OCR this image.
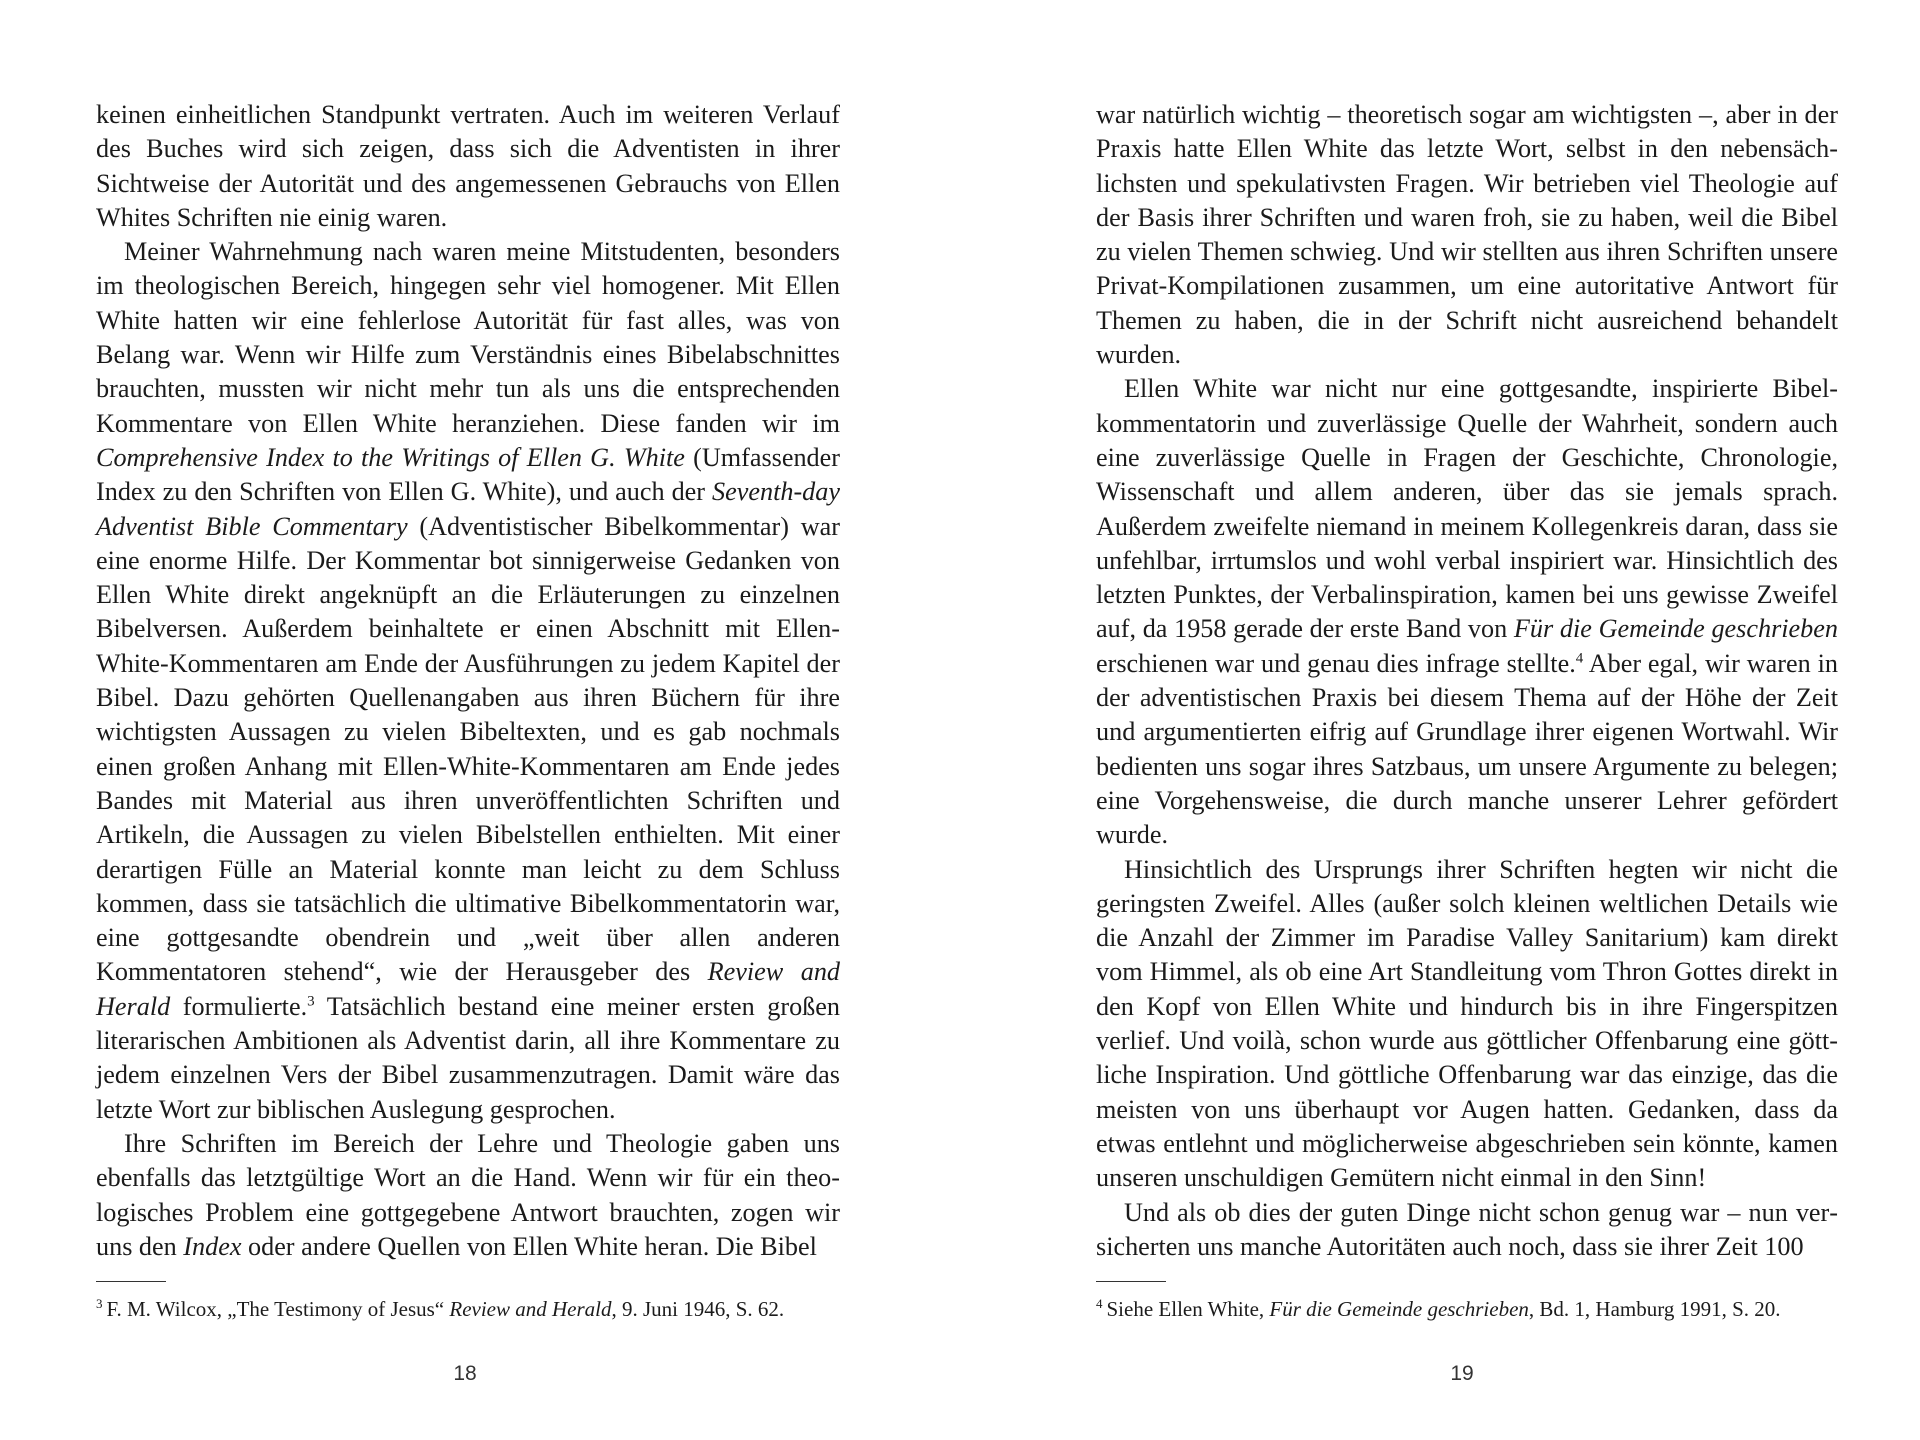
keinen einheitlichen Standpunkt vertraten. Auch im weiteren Verlauf des Buches wird sich zeigen, dass sich die Adventisten in ihrer Sichtweise der Autorität und des angemessenen Gebrauchs von Ellen Whites Schriften nie einig waren.

Meiner Wahrnehmung nach waren meine Mitstudenten, besonders im theologischen Bereich, hingegen sehr viel homogener. Mit Ellen White hatten wir eine fehlerlose Autorität für fast alles, was von Belang war. Wenn wir Hilfe zum Verständnis eines Bibelabschnittes brauchten, mussten wir nicht mehr tun als uns die entsprechenden Kommentare von Ellen White heranziehen. Diese fanden wir im Comprehensive Index to the Writings of Ellen G. White (Umfassender Index zu den Schriften von Ellen G. White), und auch der Seventh-day Adventist Bible Commentary (Adventistischer Bibelkommentar) war eine enorme Hilfe. Der Kommentar bot sinnigerweise Gedanken von Ellen White direkt angeknüpft an die Erläuterungen zu einzelnen Bibelversen. Außerdem beinhaltete er einen Abschnitt mit Ellen-White-Kommentaren am Ende der Ausführungen zu jedem Kapitel der Bibel. Dazu gehörten Quellenangaben aus ihren Büchern für ihre wichtigsten Aussagen zu vielen Bibeltexten, und es gab nochmals einen großen Anhang mit Ellen-White-Kommentaren am Ende jedes Bandes mit Material aus ihren unveröffentlichten Schriften und Artikeln, die Aussagen zu vielen Bibelstellen enthielten. Mit einer derartigen Fülle an Material konnte man leicht zu dem Schluss kommen, dass sie tatsächlich die ultimative Bibelkommentatorin war, eine gottgesandte obendrein und „weit über allen anderen Kommentatoren stehend“, wie der Herausgeber des Review and Herald formulierte.$^3$ Tatsächlich bestand eine meiner ersten großen literarischen Ambitionen als Adventist darin, all ihre Kommentare zu jedem einzelnen Vers der Bibel zusammenzutragen. Damit wäre das letzte Wort zur biblischen Auslegung gesprochen.

Ihre Schriften im Bereich der Lehre und Theologie gaben uns ebenfalls das letztgültige Wort an die Hand. Wenn wir für ein theologisches Problem eine gottgegebene Antwort brauchten, zogen wir uns den Index oder andere Quellen von Ellen White heran. Die Bibel

$^3$ F. M. Wilcox, „The Testimony of Jesus“ Review and Herald, 9. Juni 1946, S. 62.
18

war natürlich wichtig – theoretisch sogar am wichtigsten –, aber in der Praxis hatte Ellen White das letzte Wort, selbst in den nebensächlichsten und spekulativsten Fragen. Wir betrieben viel Theologie auf der Basis ihrer Schriften und waren froh, sie zu haben, weil die Bibel zu vielen Themen schwieg. Und wir stellten aus ihren Schriften unsere Privat-Kompilationen zusammen, um eine autoritative Antwort für Themen zu haben, die in der Schrift nicht ausreichend behandelt wurden.

Ellen White war nicht nur eine gottgesandte, inspirierte Bibelkommentatorin und zuverlässige Quelle der Wahrheit, sondern auch eine zuverlässige Quelle in Fragen der Geschichte, Chronologie, Wissenschaft und allem anderen, über das sie jemals sprach. Außerdem zweifelte niemand in meinem Kollegenkreis daran, dass sie unfehlbar, irrtumslos und wohl verbal inspiriert war. Hinsichtlich des letzten Punktes, der Verbalinspiration, kamen bei uns gewisse Zweifel auf, da 1958 gerade der erste Band von Für die Gemeinde geschrieben erschienen war und genau dies infrage stellte.$^4$ Aber egal, wir waren in der adventistischen Praxis bei diesem Thema auf der Höhe der Zeit und argumentierten eifrig auf Grundlage ihrer eigenen Wortwahl. Wir bedienten uns sogar ihres Satzbaus, um unsere Argumente zu belegen; eine Vorgehensweise, die durch manche unserer Lehrer gefördert wurde.

Hinsichtlich des Ursprungs ihrer Schriften hegten wir nicht die geringsten Zweifel. Alles (außer solch kleinen weltlichen Details wie die Anzahl der Zimmer im Paradise Valley Sanitarium) kam direkt vom Himmel, als ob eine Art Standleitung vom Thron Gottes direkt in den Kopf von Ellen White und hindurch bis in ihre Fingerspitzen verlief. Und voilà, schon wurde aus göttlicher Offenbarung eine göttliche Inspiration. Und göttliche Offenbarung war das einzige, das die meisten von uns überhaupt vor Augen hatten. Gedanken, dass da etwas entlehnt und möglicherweise abgeschrieben sein könnte, kamen unseren unschuldigen Gemütern nicht einmal in den Sinn!

Und als ob dies der guten Dinge nicht schon genug war – nun versicherten uns manche Autoritäten auch noch, dass sie ihrer Zeit 100

$^4$ Siehe Ellen White, Für die Gemeinde geschrieben, Bd. 1, Hamburg 1991, S. 20.
19
